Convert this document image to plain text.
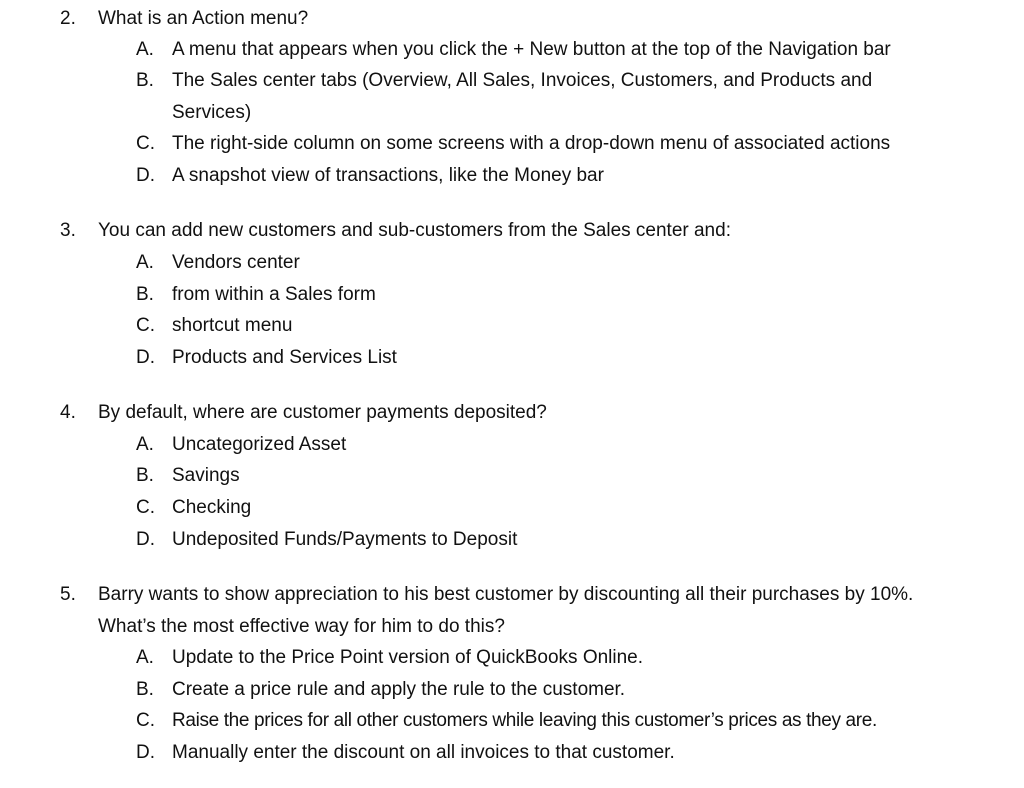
2. What is an Action menu?
A. A menu that appears when you click the + New button at the top of the Navigation bar
B. The Sales center tabs (Overview, All Sales, Invoices, Customers, and Products and Services)
C. The right-side column on some screens with a drop-down menu of associated actions
D. A snapshot view of transactions, like the Money bar
3. You can add new customers and sub-customers from the Sales center and:
A. Vendors center
B. from within a Sales form
C. shortcut menu
D. Products and Services List
4. By default, where are customer payments deposited?
A. Uncategorized Asset
B. Savings
C. Checking
D. Undeposited Funds/Payments to Deposit
5. Barry wants to show appreciation to his best customer by discounting all their purchases by 10%. What’s the most effective way for him to do this?
A. Update to the Price Point version of QuickBooks Online.
B. Create a price rule and apply the rule to the customer.
C. Raise the prices for all other customers while leaving this customer’s prices as they are.
D. Manually enter the discount on all invoices to that customer.
